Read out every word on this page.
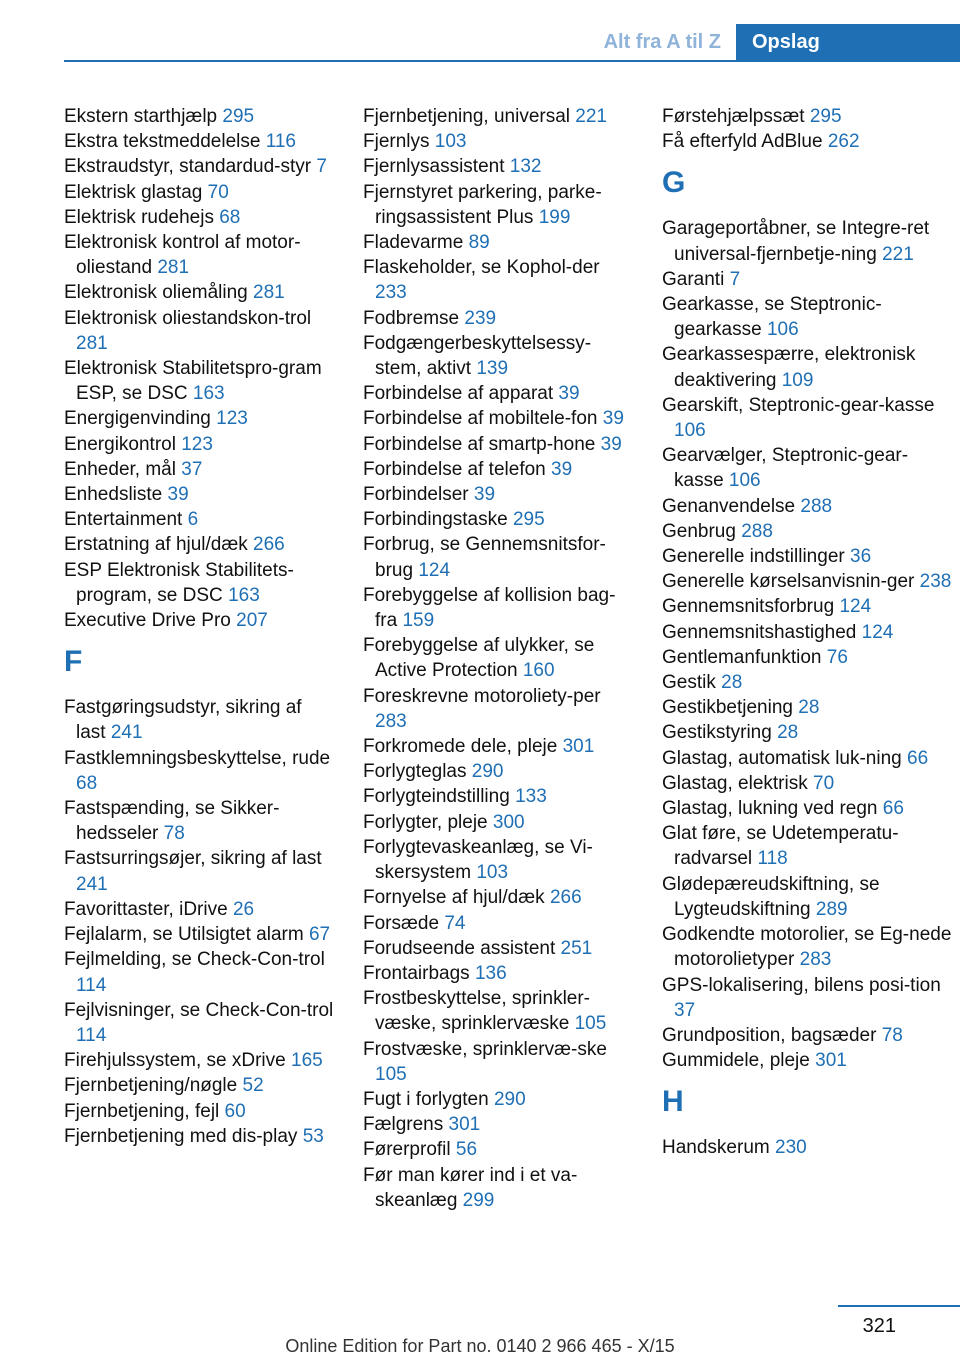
Alt fra A til Z	Opslag

Ekstern starthjælp 295

Ekstra tekstmeddelelse 116

Ekstraudstyr, standardud-styr 7

Elektrisk glastag 70

Elektrisk rudehejs 68

Elektronisk kontrol af motor-oliestand 281

Elektronisk oliemåling 281

Elektronisk oliestandskon-trol 281

Elektronisk Stabilitetspro-gram ESP, se DSC 163

Energigenvinding 123

Energikontrol 123

Enheder, mål 37

Enhedsliste 39

Entertainment 6

Erstatning af hjul/dæk 266

ESP Elektronisk Stabilitets-program, se DSC 163

Executive Drive Pro 207

F

Fastgøringsudstyr, sikring af last 241

Fastklemningsbeskyttelse, rude 68

Fastspænding, se Sikker-hedsseler 78

Fastsurringsøjer, sikring af last 241

Favorittaster, iDrive 26

Fejlalarm, se Utilsigtet alarm 67

Fejlmelding, se Check-Con-trol 114

Fejlvisninger, se Check-Con-trol 114

Firehjulssystem, se xDrive 165

Fjernbetjening/nøgle 52

Fjernbetjening, fejl 60

Fjernbetjening med dis-play 53

Fjernbetjening, universal 221

Fjernlys 103

Fjernlysassistent 132

Fjernstyret parkering, parke-ringsassistent Plus 199

Fladevarme 89

Flaskeholder, se Kophol-der 233

Fodbremse 239

Fodgængerbeskyttelsessy-stem, aktivt 139

Forbindelse af apparat 39

Forbindelse af mobiltele-fon 39

Forbindelse af smartp-hone 39

Forbindelse af telefon 39

Forbindelser 39

Forbindingstaske 295

Forbrug, se Gennemsnitsfor-brug 124

Forebyggelse af kollision bag-fra 159

Forebyggelse af ulykker, se Active Protection 160

Foreskrevne motoroliety-per 283

Forkromede dele, pleje 301

Forlygteglas 290

Forlygteindstilling 133

Forlygter, pleje 300

Forlygtevaskeanlæg, se Vi-skersystem 103

Fornyelse af hjul/dæk 266

Forsæde 74

Forudseende assistent 251

Frontairbags 136

Frostbeskyttelse, sprinkler-væske, sprinklervæske 105

Frostvæske, sprinklervæ-ske 105

Fugt i forlygten 290

Fælgrens 301

Førerprofil 56

Før man kører ind i et va-skeanlæg 299

Førstehjælpssæt 295

Få efterfyld AdBlue 262

G

Garageportåbner, se Integre-ret universal-fjernbetje-ning 221

Garanti 7

Gearkasse, se Steptronic-gearkasse 106

Gearkassespærre, elektronisk deaktivering 109

Gearskift, Steptronic-gear-kasse 106

Gearvælger, Steptronic-gear-kasse 106

Genanvendelse 288

Genbrug 288

Generelle indstillinger 36

Generelle kørselsanvisnin-ger 238

Gennemsnitsforbrug 124

Gennemsnitshastighed 124

Gentlemanfunktion 76

Gestik 28

Gestikbetjening 28

Gestikstyring 28

Glastag, automatisk luk-ning 66

Glastag, elektrisk 70

Glastag, lukning ved regn 66

Glat føre, se Udetemperatu-radvarsel 118

Glødepæreudskiftning, se Lygteudskiftning 289

Godkendte motorolier, se Eg-nede motorolietyper 283

GPS-lokalisering, bilens posi-tion 37

Grundposition, bagsæder 78

Gummidele, pleje 301

H

Handskerum 230

321
Online Edition for Part no. 0140 2 966 465 - X/15
